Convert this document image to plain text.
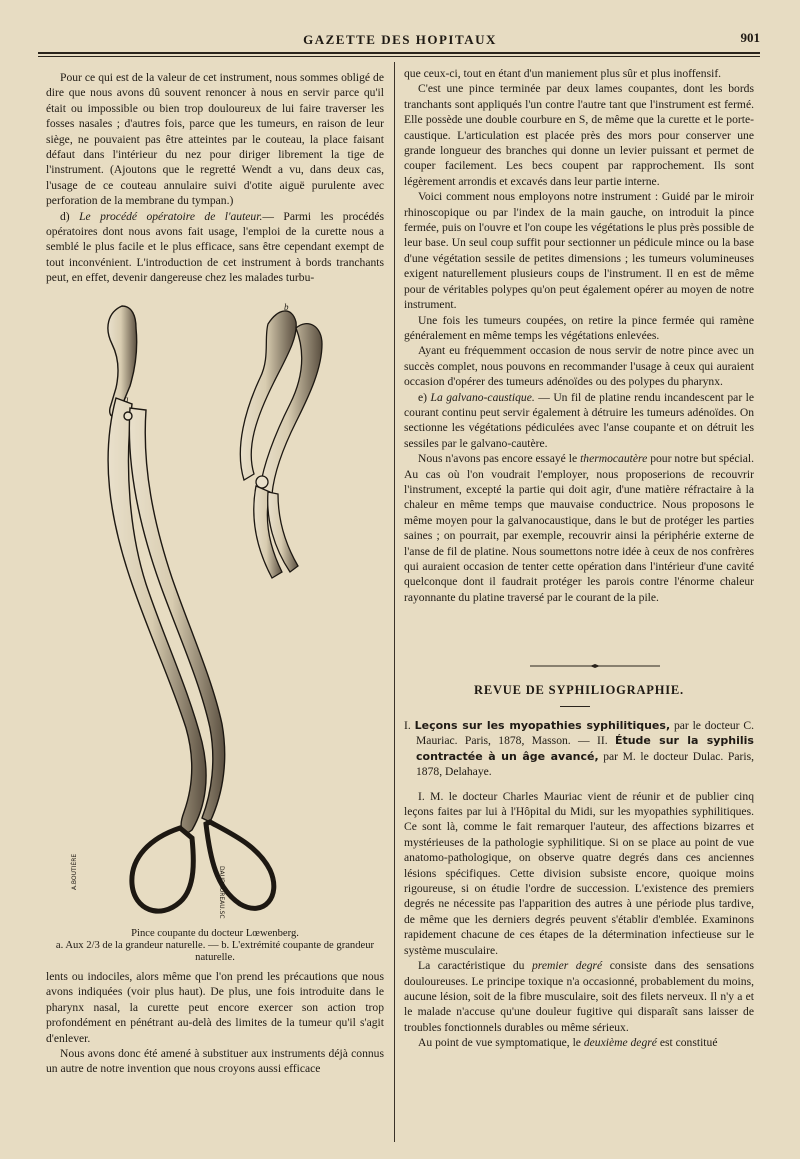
GAZETTE DES HOPITAUX	901

Pour ce qui est de la valeur de cet instrument, nous sommes obligé de dire que nous avons dû souvent renoncer à nous en servir parce qu'il était ou impossible ou bien trop douloureux de lui faire traverser les fosses nasales ; d'autres fois, parce que les tumeurs, en raison de leur siège, ne pouvaient pas être atteintes par le couteau, la place faisant défaut dans l'intérieur du nez pour diriger librement la tige de l'instrument. (Ajoutons que le regretté Wendt a vu, dans deux cas, l'usage de ce couteau annulaire suivi d'otite aiguë purulente avec perforation de la membrane du tympan.)

d) Le procédé opératoire de l'auteur.— Parmi les procédés opératoires dont nous avons fait usage, l'emploi de la curette nous a semblé le plus facile et le plus efficace, sans être cependant exempt de tout inconvénient. L'introduction de cet instrument à bords tranchants peut, en effet, devenir dangereuse chez les malades turbu-

A.BOUTIÈRE	DAUDRUREAU.SC
a
b
Pince coupante du docteur Lœwenberg.
a. Aux 2/3 de la grandeur naturelle. — b. L'extrémité coupante de grandeur naturelle.

lents ou indociles, alors même que l'on prend les précautions que nous avons indiquées (voir plus haut). De plus, une fois introduite dans le pharynx nasal, la curette peut encore exercer son action trop profondément en pénétrant au-delà des limites de la tumeur qu'il s'agit d'enlever.

Nous avons donc été amené à substituer aux instruments déjà connus un autre de notre invention que nous croyons aussi efficace

que ceux-ci, tout en étant d'un maniement plus sûr et plus inoffensif.

C'est une pince terminée par deux lames coupantes, dont les bords tranchants sont appliqués l'un contre l'autre tant que l'instrument est fermé. Elle possède une double courbure en S, de même que la curette et le porte-caustique. L'articulation est placée près des mors pour conserver une grande longueur des branches qui donne un levier puissant et permet de couper facilement. Les becs coupent par rapprochement. Ils sont légèrement arrondis et excavés dans leur partie interne.

Voici comment nous employons notre instrument : Guidé par le miroir rhinoscopique ou par l'index de la main gauche, on introduit la pince fermée, puis on l'ouvre et l'on coupe les végétations le plus près possible de leur base. Un seul coup suffit pour sectionner un pédicule mince ou la base d'une végétation sessile de petites dimensions ; les tumeurs volumineuses exigent naturellement plusieurs coups de l'instrument. Il en est de même pour de véritables polypes qu'on peut également opérer au moyen de notre instrument.

Une fois les tumeurs coupées, on retire la pince fermée qui ramène généralement en même temps les végétations enlevées.

Ayant eu fréquemment occasion de nous servir de notre pince avec un succès complet, nous pouvons en recommander l'usage à ceux qui auraient occasion d'opérer des tumeurs adénoïdes ou des polypes du pharynx.

e) La galvano-caustique. — Un fil de platine rendu incandescent par le courant continu peut servir également à détruire les tumeurs adénoïdes. On sectionne les végétations pédiculées avec l'anse coupante et on détruit les sessiles par le galvano-cautère.

Nous n'avons pas encore essayé le thermocautère pour notre but spécial. Au cas où l'on voudrait l'employer, nous proposerions de recouvrir l'instrument, excepté la partie qui doit agir, d'une matière réfractaire à la chaleur en même temps que mauvaise conductrice. Nous proposons le même moyen pour la galvanocaustique, dans le but de protéger les parties saines ; on pourrait, par exemple, recouvrir ainsi la périphérie externe de l'anse de fil de platine. Nous soumettons notre idée à ceux de nos confrères qui auraient occasion de tenter cette opération dans l'intérieur d'une cavité quelconque dont il faudrait protéger les parois contre l'énorme chaleur rayonnante du platine traversé par le courant de la pile.

REVUE DE SYPHILIOGRAPHIE.

I. Leçons sur les myopathies syphilitiques, par le docteur C. Mauriac. Paris, 1878, Masson. — II. Étude sur la syphilis contractée à un âge avancé, par M. le docteur Dulac. Paris, 1878, Delahaye.

I. M. le docteur Charles Mauriac vient de réunir et de publier cinq leçons faites par lui à l'Hôpital du Midi, sur les myopathies syphilitiques. Ce sont là, comme le fait remarquer l'auteur, des affections bizarres et mystérieuses de la pathologie syphilitique. Si on se place au point de vue anatomo-pathologique, on observe quatre degrés dans ces anciennes lésions spécifiques. Cette division subsiste encore, quoique moins rigoureuse, si on étudie l'ordre de succession. L'existence des premiers degrés ne nécessite pas l'apparition des autres à une période plus tardive, de même que les derniers degrés peuvent s'établir d'emblée. Examinons rapidement chacune de ces étapes de la détermination infectieuse sur le système musculaire.

La caractéristique du premier degré consiste dans des sensations douloureuses. Le principe toxique n'a occasionné, probablement du moins, aucune lésion, soit de la fibre musculaire, soit des filets nerveux. Il n'y a et le malade n'accuse qu'une douleur fugitive qui disparaît sans laisser de troubles fonctionnels durables ou même sérieux.

Au point de vue symptomatique, le deuxième degré est constitué
